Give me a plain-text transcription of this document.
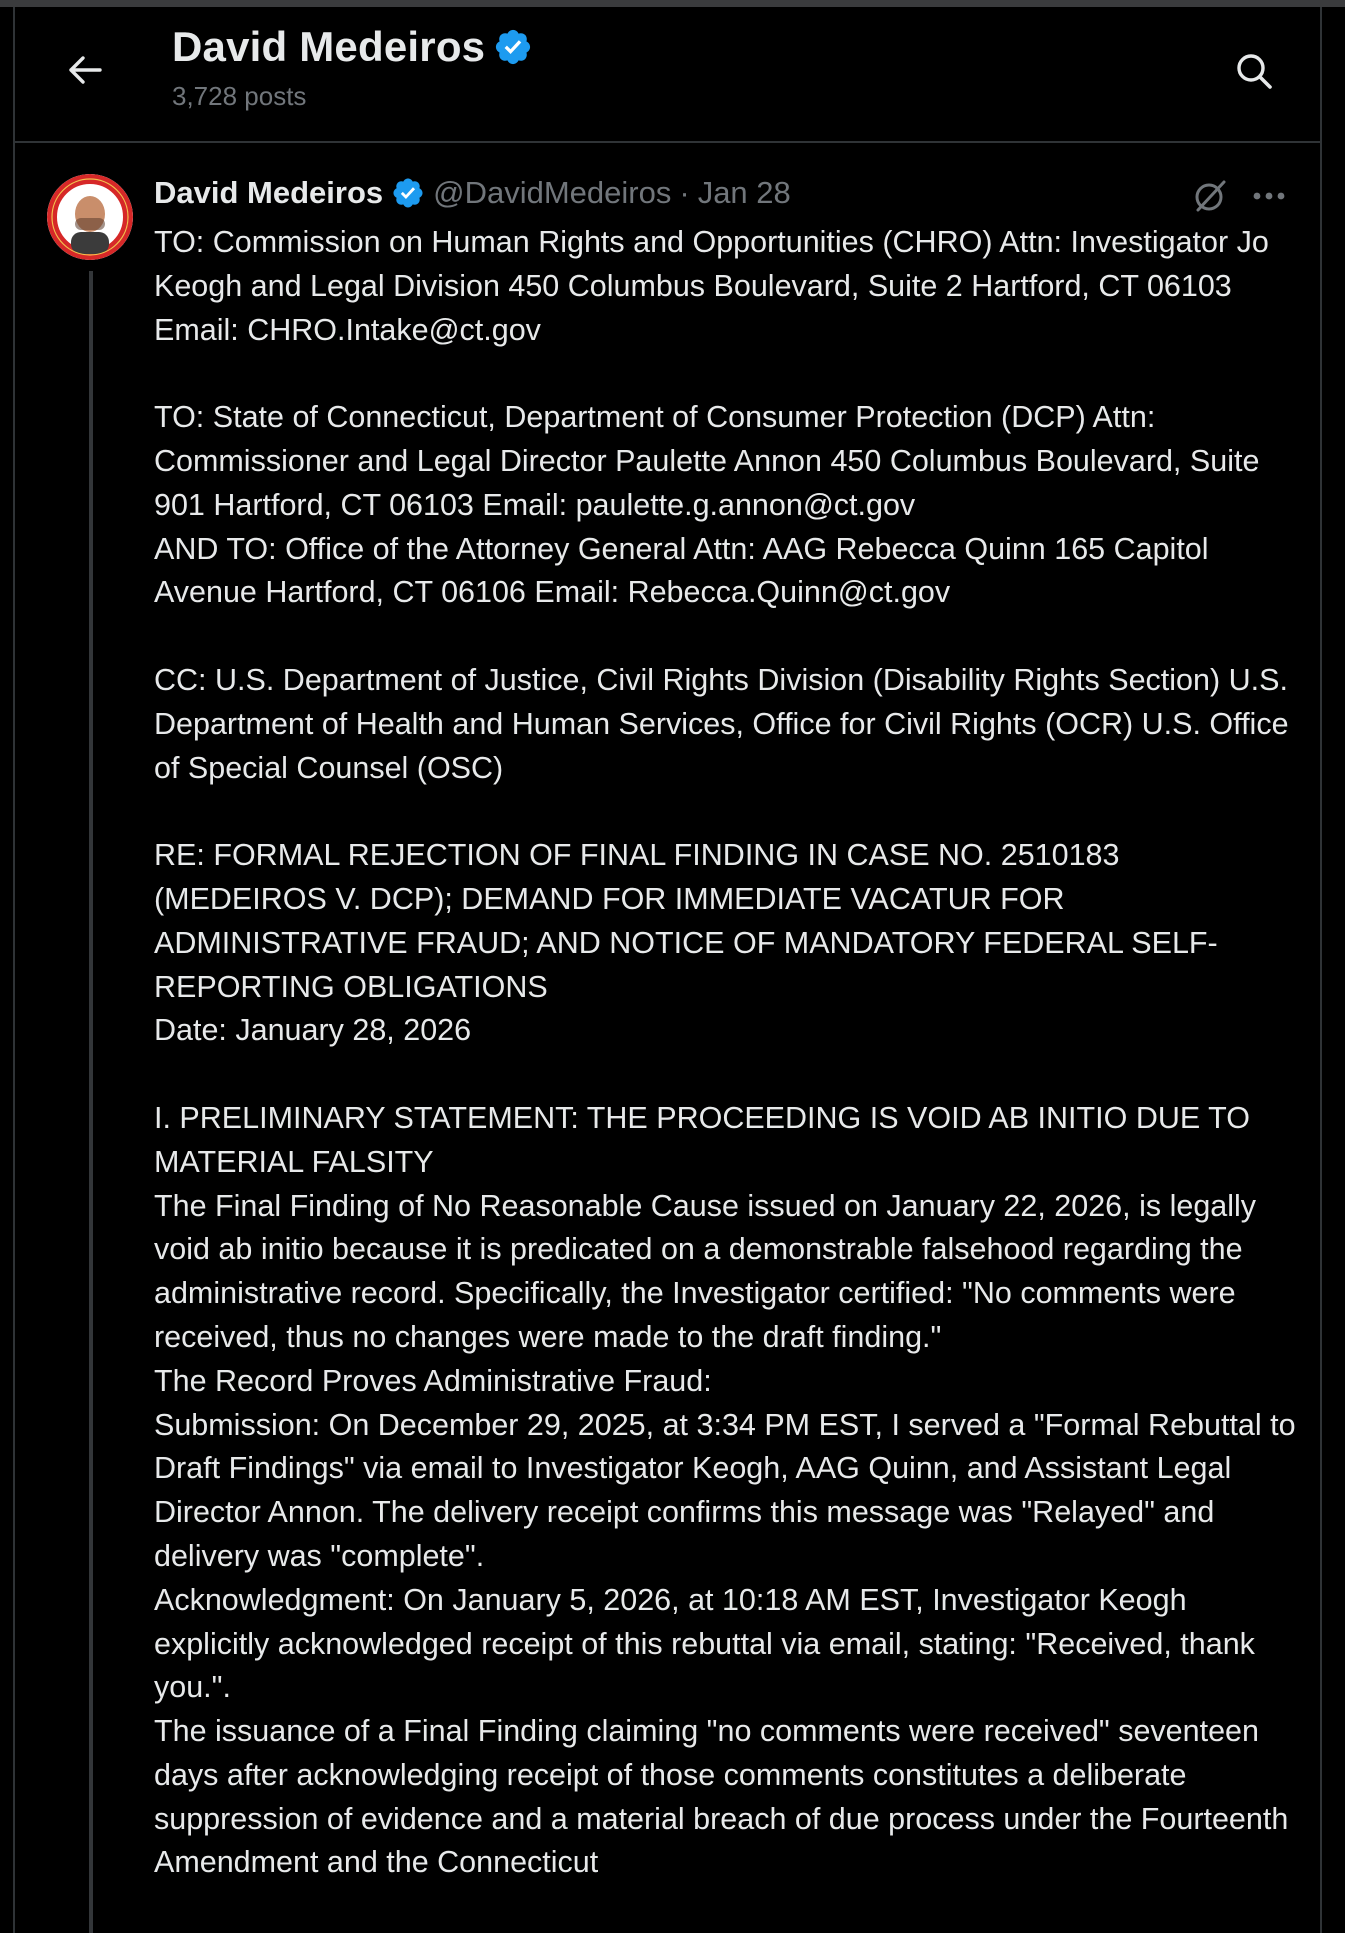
David Medeiros
3,728 posts
David Medeiros @DavidMedeiros · Jan 28

TO: Commission on Human Rights and Opportunities (CHRO) Attn: Investigator Jo Keogh and Legal Division 450 Columbus Boulevard, Suite 2 Hartford, CT 06103 Email: CHRO.Intake@ct.gov

TO: State of Connecticut, Department of Consumer Protection (DCP) Attn: Commissioner and Legal Director Paulette Annon 450 Columbus Boulevard, Suite 901 Hartford, CT 06103 Email: paulette.g.annon@ct.gov

AND TO: Office of the Attorney General Attn: AAG Rebecca Quinn 165 Capitol Avenue Hartford, CT 06106 Email: Rebecca.Quinn@ct.gov

CC: U.S. Department of Justice, Civil Rights Division (Disability Rights Section) U.S. Department of Health and Human Services, Office for Civil Rights (OCR) U.S. Office of Special Counsel (OSC)

RE: FORMAL REJECTION OF FINAL FINDING IN CASE NO. 2510183 (MEDEIROS V. DCP); DEMAND FOR IMMEDIATE VACATUR FOR ADMINISTRATIVE FRAUD; AND NOTICE OF MANDATORY FEDERAL SELF-REPORTING OBLIGATIONS

Date: January 28, 2026

I. PRELIMINARY STATEMENT: THE PROCEEDING IS VOID AB INITIO DUE TO MATERIAL FALSITY

The Final Finding of No Reasonable Cause issued on January 22, 2026, is legally void ab initio because it is predicated on a demonstrable falsehood regarding the administrative record. Specifically, the Investigator certified: "No comments were received, thus no changes were made to the draft finding."

The Record Proves Administrative Fraud:

Submission: On December 29, 2025, at 3:34 PM EST, I served a "Formal Rebuttal to Draft Findings" via email to Investigator Keogh, AAG Quinn, and Assistant Legal Director Annon. The delivery receipt confirms this message was "Relayed" and delivery was "complete".

Acknowledgment: On January 5, 2026, at 10:18 AM EST, Investigator Keogh explicitly acknowledged receipt of this rebuttal via email, stating: "Received, thank you.".

The issuance of a Final Finding claiming "no comments were received" seventeen days after acknowledging receipt of those comments constitutes a deliberate suppression of evidence and a material breach of due process under the Fourteenth Amendment and the Connecticut
